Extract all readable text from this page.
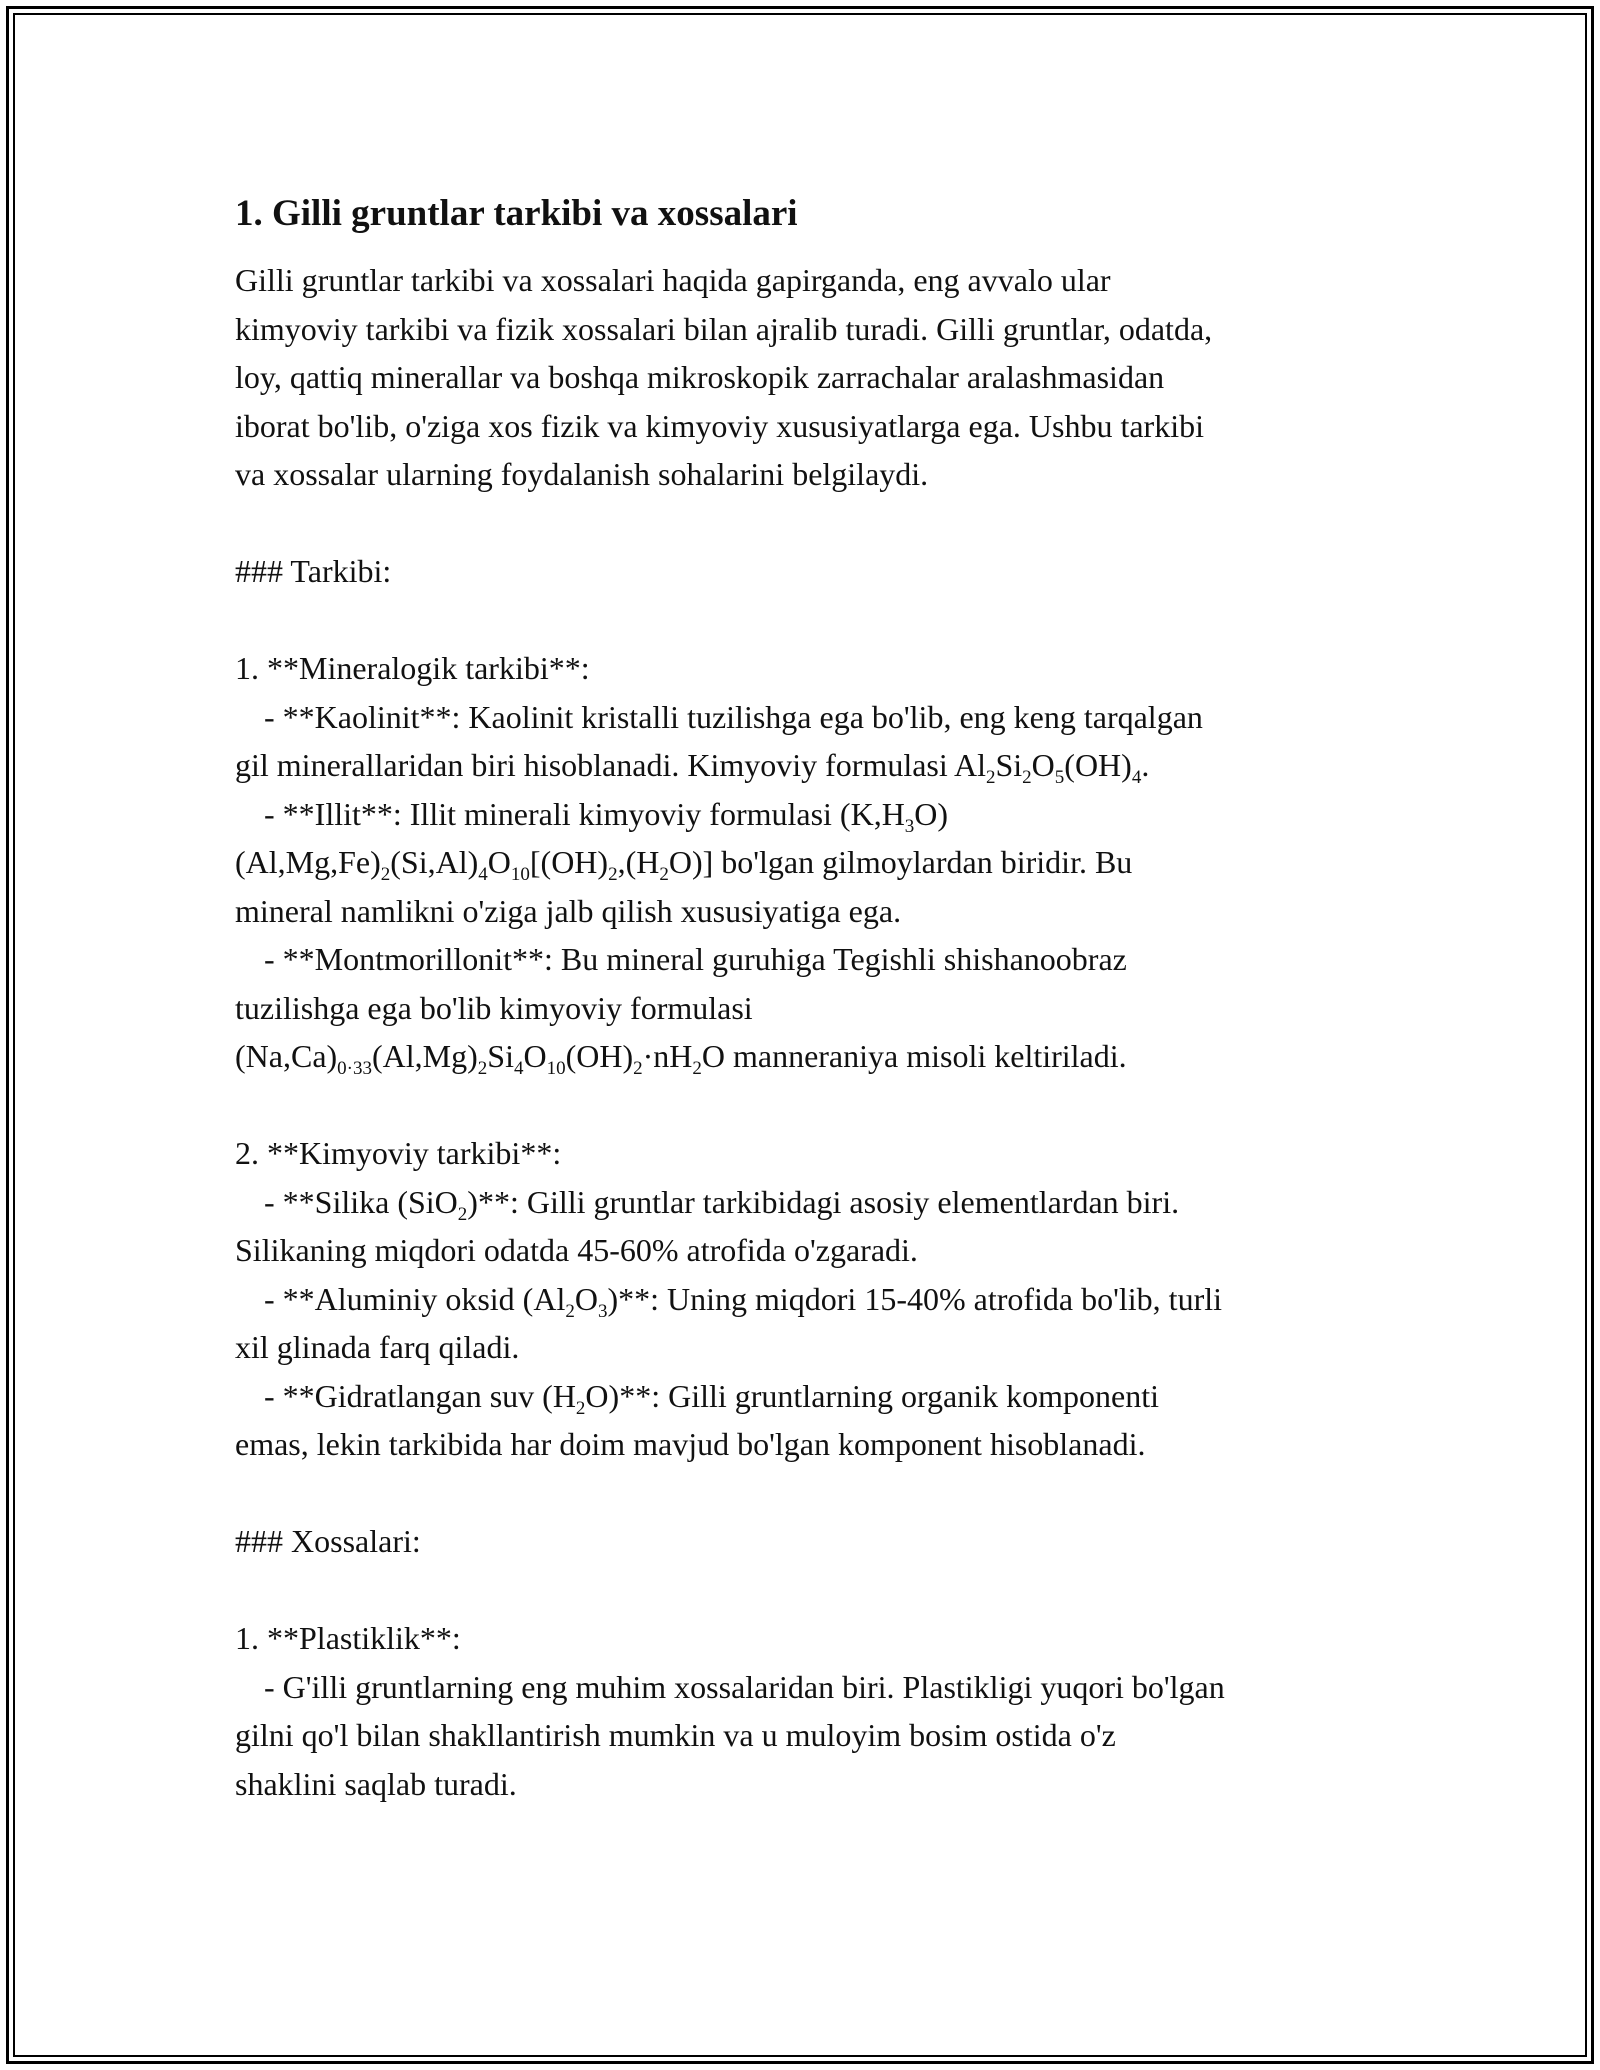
1. Gilli gruntlar tarkibi va xossalari
Gilli gruntlar tarkibi va xossalari haqida gapirganda, eng avvalo ular
kimyoviy tarkibi va fizik xossalari bilan ajralib turadi. Gilli gruntlar, odatda,
loy, qattiq minerallar va boshqa mikroskopik zarrachalar aralashmasidan
iborat bo'lib, o'ziga xos fizik va kimyoviy xususiyatlarga ega. Ushbu tarkibi
va xossalar ularning foydalanish sohalarini belgilaydi.
### Tarkibi:
1. **Mineralogik tarkibi**:
- **Kaolinit**: Kaolinit kristalli tuzilishga ega bo'lib, eng keng tarqalgan
gil minerallaridan biri hisoblanadi. Kimyoviy formulasi $Al_2Si_2O_5(OH)_4$.
- **Illit**: Illit minerali kimyoviy formulasi $(K,H_3O)$
$(Al,Mg,Fe)_2(Si,Al)_4O_{10}[(OH)_2,(H_2O)]$ bo'lgan gilmoylardan biridir. Bu
mineral namlikni o'ziga jalb qilish xususiyatiga ega.
- **Montmorillonit**: Bu mineral guruhiga Tegishli shishanoobraz
tuzilishga ega bo'lib kimyoviy formulasi
$(Na,Ca)_{0\cdot 33}(Al,Mg)_2Si_4O_{10}(OH)_2\cdot nH_2O$ manneraniya misoli keltiriladi.
2. **Kimyoviy tarkibi**:
- **Silika (SiO$_2$)**: Gilli gruntlar tarkibidagi asosiy elementlardan biri.
Silikaning miqdori odatda 45-60% atrofida o'zgaradi.
- **Aluminiy oksid $(Al_2O_3)**$: Uning miqdori 15-40% atrofida bo'lib, turli
xil glinada farq qiladi.
- **Gidratlangan suv $(H_2O)**$: Gilli gruntlarning organik komponenti
emas, lekin tarkibida har doim mavjud bo'lgan komponent hisoblanadi.
### Xossalari:
1. **Plastiklik**:
- G'illi gruntlarning eng muhim xossalaridan biri. Plastikligi yuqori bo'lgan
gilni qo'l bilan shakllantirish mumkin va u muloyim bosim ostida o'z
shaklini saqlab turadi.
